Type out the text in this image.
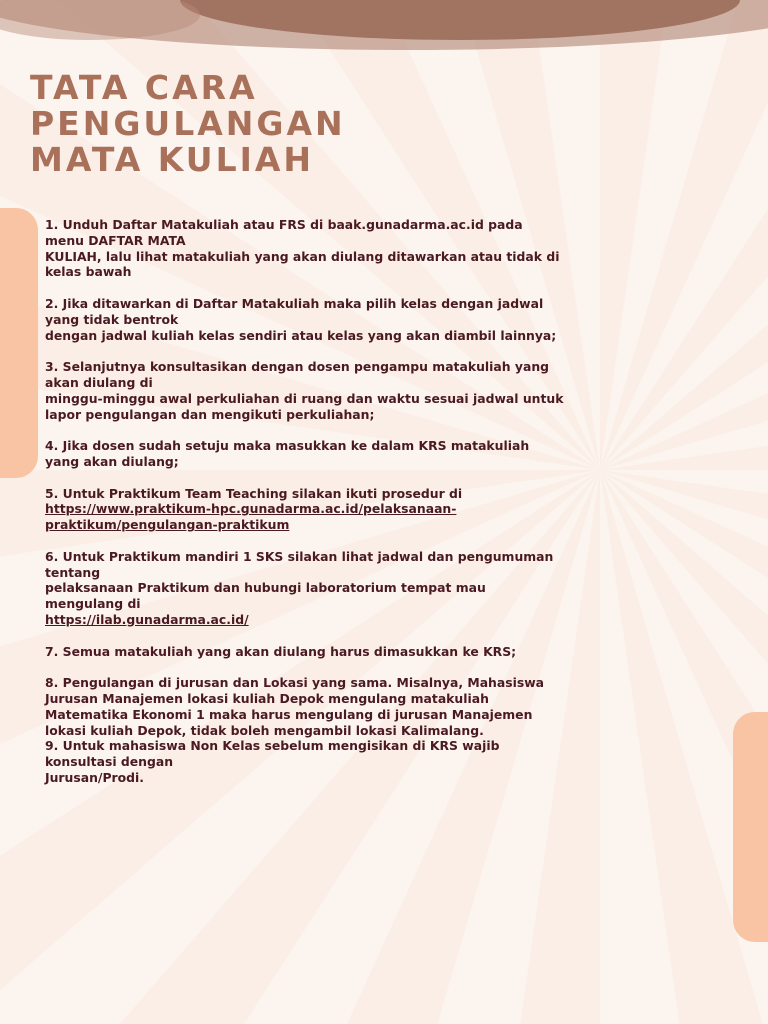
TATA CARA
PENGULANGAN
MATA KULIAH

1. Unduh Daftar Matakuliah atau FRS di baak.gunadarma.ac.id pada
menu DAFTAR MATA
KULIAH, lalu lihat matakuliah yang akan diulang ditawarkan atau tidak di
kelas bawah

2. Jika ditawarkan di Daftar Matakuliah maka pilih kelas dengan jadwal
yang tidak bentrok
dengan jadwal kuliah kelas sendiri atau kelas yang akan diambil lainnya;

3. Selanjutnya konsultasikan dengan dosen pengampu matakuliah yang
akan diulang di
minggu-minggu awal perkuliahan di ruang dan waktu sesuai jadwal untuk
lapor pengulangan dan mengikuti perkuliahan;

4. Jika dosen sudah setuju maka masukkan ke dalam KRS matakuliah
yang akan diulang;

5. Untuk Praktikum Team Teaching silakan ikuti prosedur di
https://www.praktikum-hpc.gunadarma.ac.id/pelaksanaan-
praktikum/pengulangan-praktikum

6. Untuk Praktikum mandiri 1 SKS silakan lihat jadwal dan pengumuman
tentang
pelaksanaan Praktikum dan hubungi laboratorium tempat mau
mengulang di
https://ilab.gunadarma.ac.id/

7. Semua matakuliah yang akan diulang harus dimasukkan ke KRS;

8. Pengulangan di jurusan dan Lokasi yang sama. Misalnya, Mahasiswa
Jurusan Manajemen lokasi kuliah Depok mengulang matakuliah
Matematika Ekonomi 1 maka harus mengulang di jurusan Manajemen
lokasi kuliah Depok, tidak boleh mengambil lokasi Kalimalang.

9. Untuk mahasiswa Non Kelas sebelum mengisikan di KRS wajib
konsultasi dengan
Jurusan/Prodi.
